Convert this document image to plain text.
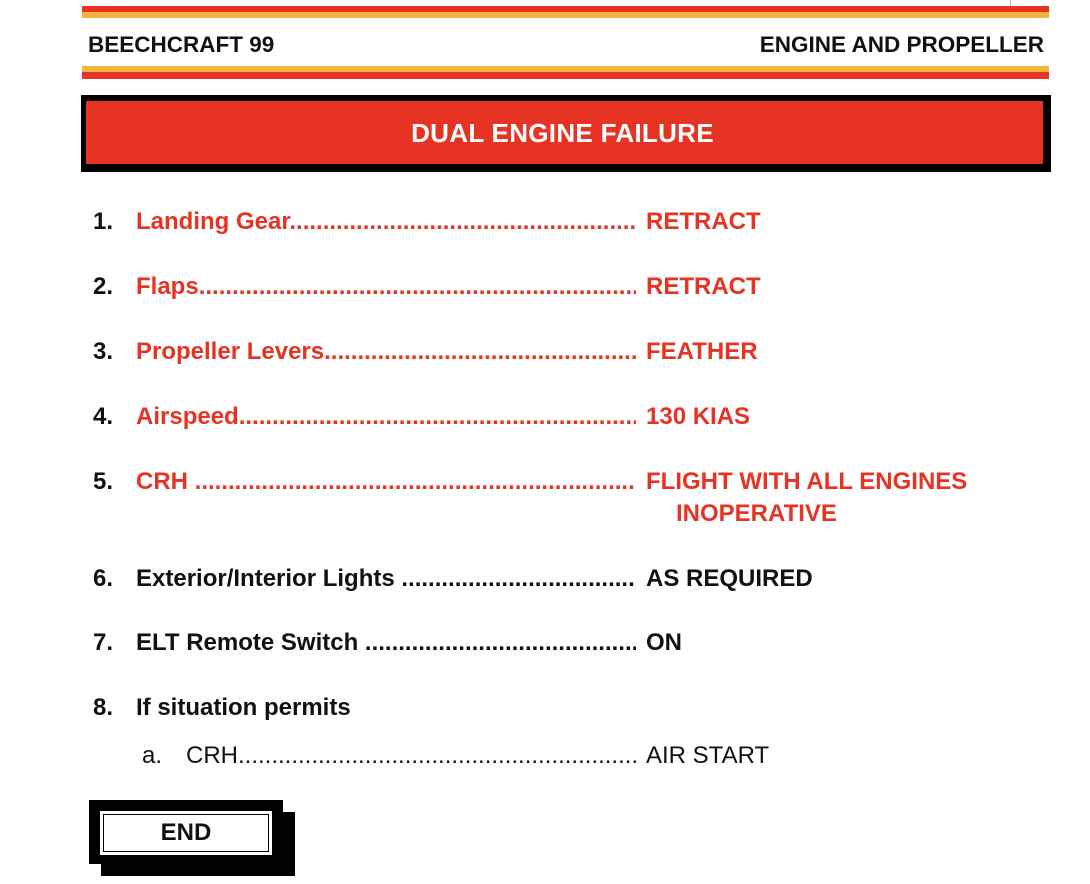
BEECHCRAFT 99	ENGINE AND PROPELLER
DUAL ENGINE FAILURE
1. Landing Gear .....	RETRACT
2. Flaps .....	RETRACT
3. Propeller Levers .....	FEATHER
4. Airspeed .....	130 KIAS
5. CRH  .....	FLIGHT WITH ALL ENGINES
INOPERATIVE
6. Exterior/Interior Lights  .....	AS REQUIRED
7. ELT Remote Switch  .....	ON
8. If situation permits
a. CRH .....	AIR START
END
